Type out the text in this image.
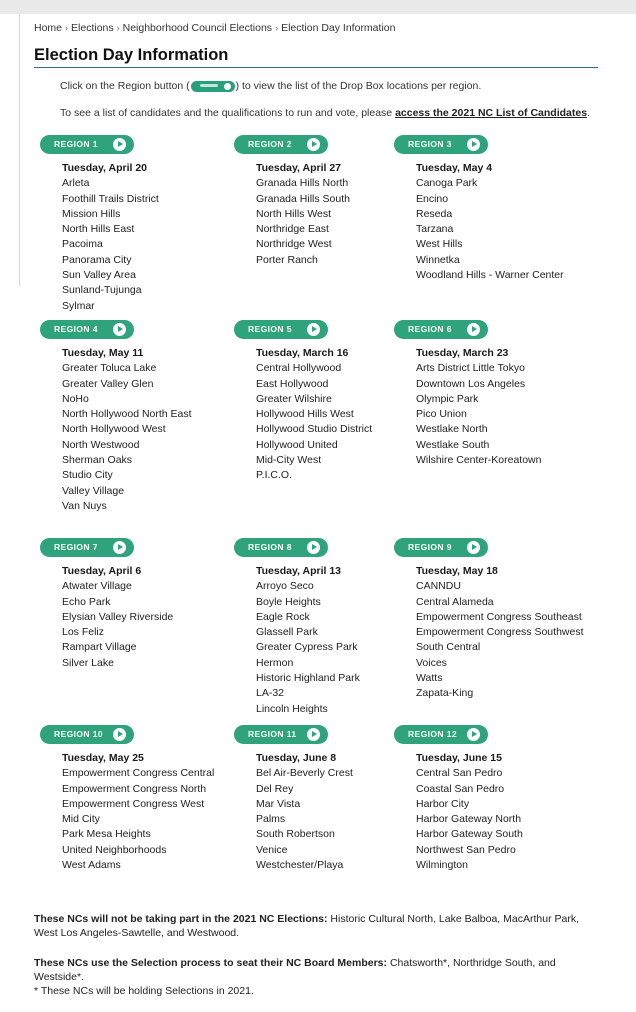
Home › Elections › Neighborhood Council Elections › Election Day Information
Election Day Information
Click on the Region button (	) to view the list of the Drop Box locations per region.
To see a list of candidates and the qualifications to run and vote, please access the 2021 NC List of Candidates.
REGION 1
Tuesday, April 20
Arleta
Foothill Trails District
Mission Hills
North Hills East
Pacoima
Panorama City
Sun Valley Area
Sunland-Tujunga
Sylmar
REGION 2
Tuesday, April 27
Granada Hills North
Granada Hills South
North Hills West
Northridge East
Northridge West
Porter Ranch
REGION 3
Tuesday, May 4
Canoga Park
Encino
Reseda
Tarzana
West Hills
Winnetka
Woodland Hills - Warner Center
REGION 4
Tuesday, May 11
Greater Toluca Lake
Greater Valley Glen
NoHo
North Hollywood North East
North Hollywood West
North Westwood
Sherman Oaks
Studio City
Valley Village
Van Nuys
REGION 5
Tuesday, March 16
Central Hollywood
East Hollywood
Greater Wilshire
Hollywood Hills West
Hollywood Studio District
Hollywood United
Mid-City West
P.I.C.O.
REGION 6
Tuesday, March 23
Arts District Little Tokyo
Downtown Los Angeles
Olympic Park
Pico Union
Westlake North
Westlake South
Wilshire Center-Koreatown
REGION 7
Tuesday, April 6
Atwater Village
Echo Park
Elysian Valley Riverside
Los Feliz
Rampart Village
Silver Lake
REGION 8
Tuesday, April 13
Arroyo Seco
Boyle Heights
Eagle Rock
Glassell Park
Greater Cypress Park
Hermon
Historic Highland Park
LA-32
Lincoln Heights
REGION 9
Tuesday, May 18
CANNDU
Central Alameda
Empowerment Congress Southeast
Empowerment Congress Southwest
South Central
Voices
Watts
Zapata-King
REGION 10
Tuesday, May 25
Empowerment Congress Central
Empowerment Congress North
Empowerment Congress West
Mid City
Park Mesa Heights
United Neighborhoods
West Adams
REGION 11
Tuesday, June 8
Bel Air-Beverly Crest
Del Rey
Mar Vista
Palms
South Robertson
Venice
Westchester/Playa
REGION 12
Tuesday, June 15
Central San Pedro
Coastal San Pedro
Harbor City
Harbor Gateway North
Harbor Gateway South
Northwest San Pedro
Wilmington

These NCs will not be taking part in the 2021 NC Elections: Historic Cultural North, Lake Balboa, MacArthur Park, West Los Angeles-Sawtelle, and Westwood.

These NCs use the Selection process to seat their NC Board Members: Chatsworth*, Northridge South, and Westside*.
* These NCs will be holding Selections in 2021.
